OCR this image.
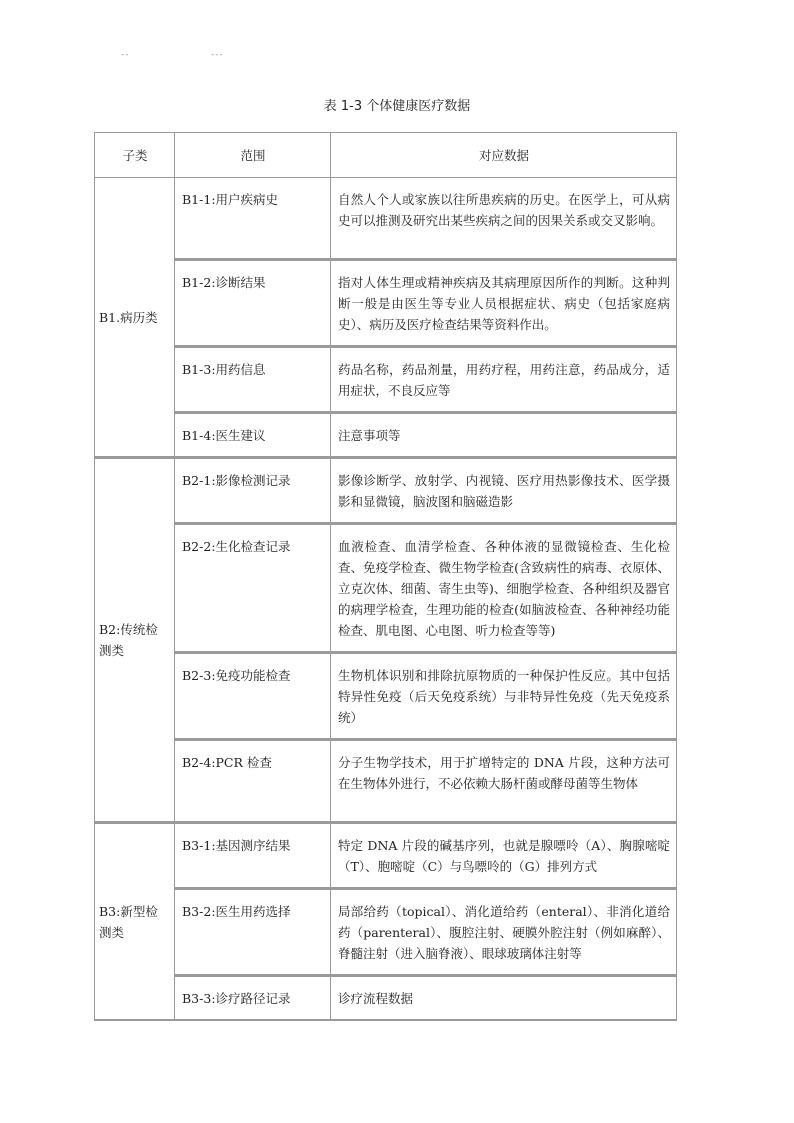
--	---
表 1-3 个体健康医疗数据
子类	范围	对应数据
B1.病历类	B1-1:用户疾病史	自然人个人或家族以往所患疾病的历史。在医学上，可从病史可以推测及研究出某些疾病之间的因果关系或交叉影响。
	B1-2:诊断结果	指对人体生理或精神疾病及其病理原因所作的判断。这种判断一般是由医生等专业人员根据症状、病史（包括家庭病史）、病历及医疗检查结果等资料作出。
	B1-3:用药信息	药品名称，药品剂量，用药疗程，用药注意，药品成分，适用症状，不良反应等
	B1-4:医生建议	注意事项等
B2:传统检测类	B2-1:影像检测记录	影像诊断学、放射学、内视镜、医疗用热影像技术、医学摄影和显微镜，脑波图和脑磁造影
	B2-2:生化检查记录	血液检查、血清学检查、各种体液的显微镜检查、生化检查、免疫学检查、微生物学检查(含致病性的病毒、衣原体、立克次体、细菌、寄生虫等)、细胞学检查、各种组织及器官的病理学检查，生理功能的检查(如脑波检查、各种神经功能检查、肌电图、心电图、听力检查等等)
	B2-3:免疫功能检查	生物机体识别和排除抗原物质的一种保护性反应。其中包括特异性免疫（后天免疫系统）与非特异性免疫（先天免疫系统）
	B2-4:PCR 检查	分子生物学技术，用于扩增特定的 DNA 片段，这种方法可在生物体外进行，不必依赖大肠杆菌或酵母菌等生物体
B3:新型检测类	B3-1:基因测序结果	特定 DNA 片段的碱基序列，也就是腺嘌呤（A）、胸腺嘧啶（T）、胞嘧啶（C）与鸟嘌呤的（G）排列方式
	B3-2:医生用药选择	局部给药（topical）、消化道给药（enteral）、非消化道给药（parenteral）、腹腔注射、硬膜外腔注射（例如麻醉）、脊髓注射（进入脑脊液）、眼球玻璃体注射等
	B3-3:诊疗路径记录	诊疗流程数据
